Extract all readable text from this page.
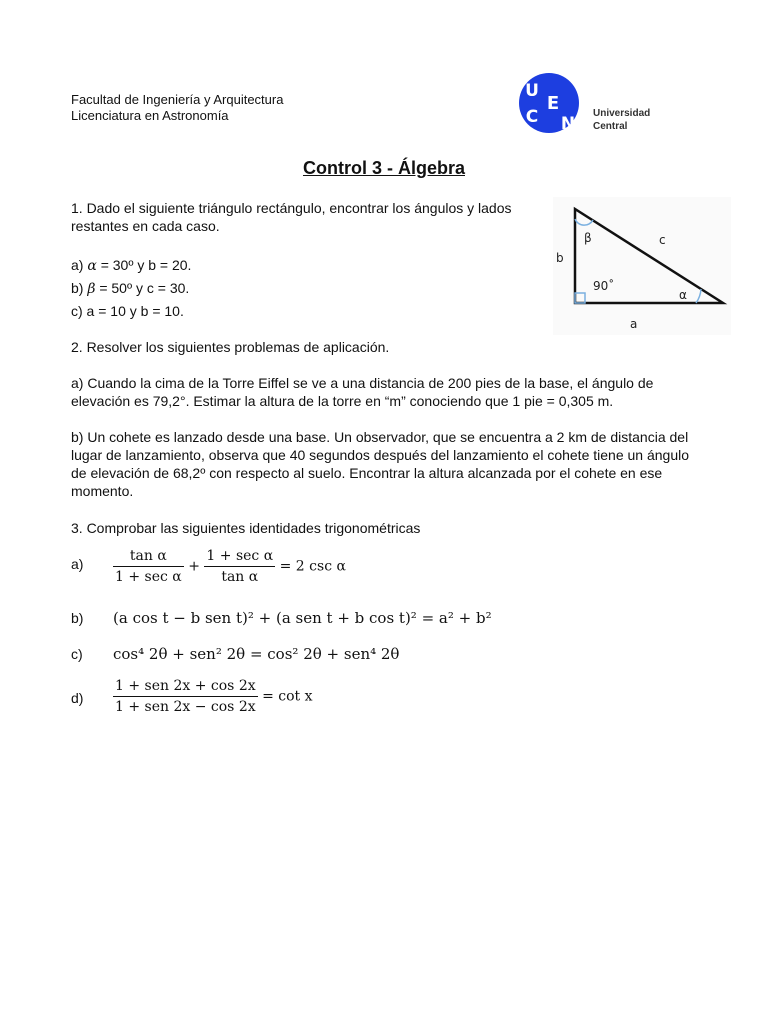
Facultad de Ingeniería y Arquitectura
Licenciatura en Astronomía
U
C
E
N
Universidad
Central
Control 3 - Álgebra
1. Dado el siguiente triángulo rectángulo, encontrar los ángulos y lados restantes en cada caso.
a) α = 30º y b = 20.
b) β = 50º y c = 30.
c) a = 10 y b = 10.
β	c
b
90˚
α
a
2. Resolver los siguientes problemas de aplicación.
a) Cuando la cima de la Torre Eiffel se ve a una distancia de 200 pies de la base, el ángulo de elevación es 79,2°. Estimar la altura de la torre en “m” conociendo que 1 pie = 0,305 m.
b) Un cohete es lanzado desde una base. Un observador, que se encuentra a 2 km de distancia del lugar de lanzamiento, observa que 40 segundos después del lanzamiento el cohete tiene un ángulo de elevación de 68,2º con respecto al suelo. Encontrar la altura alcanzada por el cohete en ese momento.
3. Comprobar las siguientes identidades trigonométricas
$a) \frac{\text{tan α}}{\text{1 + sec α}} + \frac{\text{1 + sec α}}{\text{tan α}} = 2$ csc α
b) (a cos t − b sen t)² + (a sen t + b cos t)² = a² + b²
c) cos⁴ 2θ + sen² 2θ = cos² 2θ + sen⁴ 2θ
$d) \frac{\text{1 + sen 2x + cos 2x}}{\text{1 + sen 2x − cos 2x}} = \cot x$
